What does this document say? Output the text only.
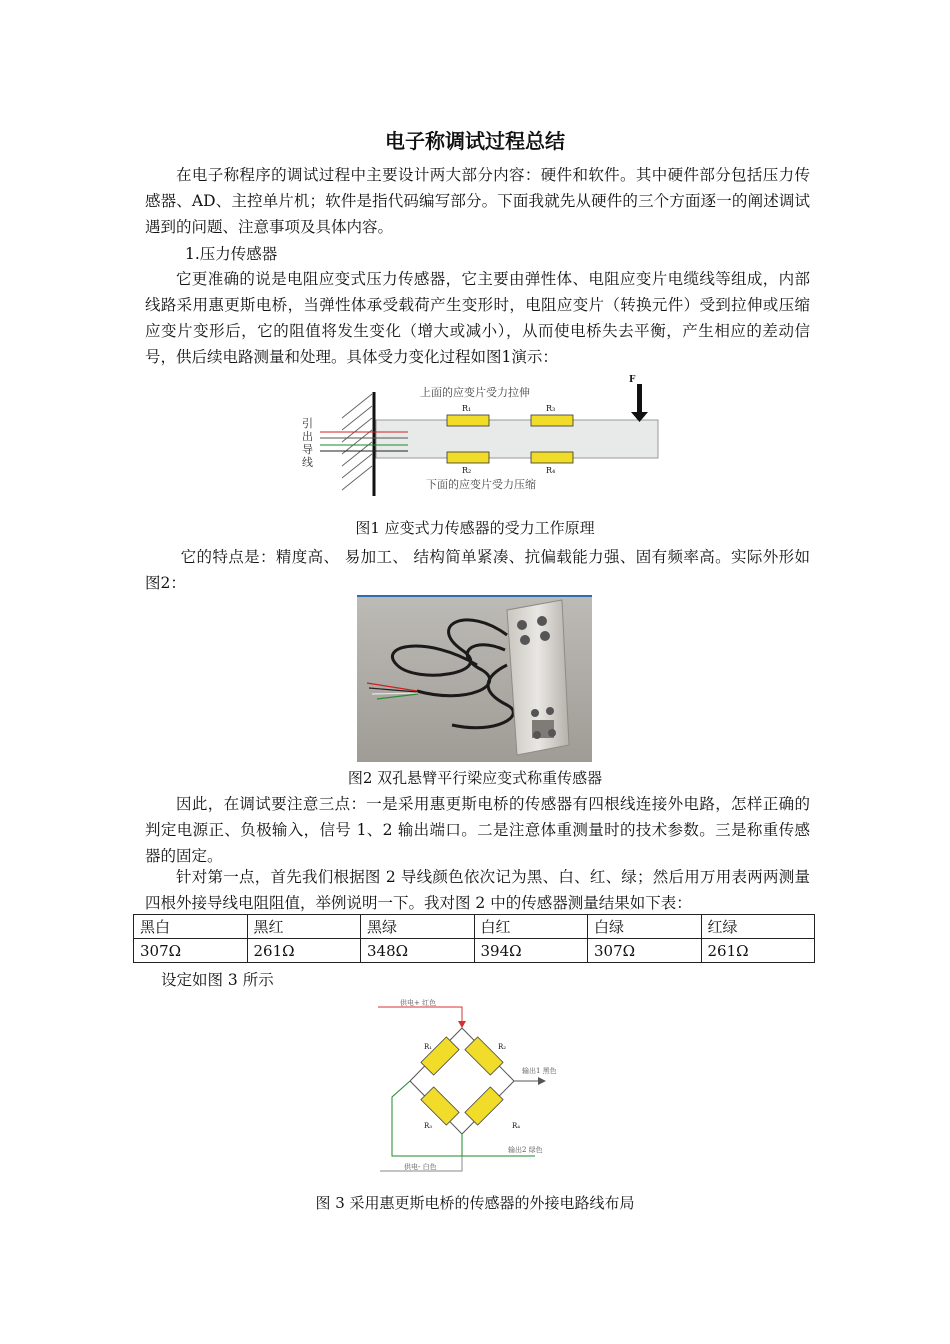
电子称调试过程总结
在电子称程序的调试过程中主要设计两大部分内容：硬件和软件。其中硬件部分包括压力传感器、AD、主控单片机；软件是指代码编写部分。下面我就先从硬件的三个方面逐一的阐述调试遇到的问题、注意事项及具体内容。
1.压力传感器
它更准确的说是电阻应变式压力传感器，它主要由弹性体、电阻应变片电缆线等组成，内部线路采用惠更斯电桥，当弹性体承受载荷产生变形时，电阻应变片（转换元件）受到拉伸或压缩应变片变形后，它的阻值将发生变化（增大或减小），从而使电桥失去平衡，产生相应的差动信号，供后续电路测量和处理。具体受力变化过程如图1演示：
上面的应变片受力拉伸
下面的应变片受力压缩
F
R₁	R₃
R₂	R₄
引
出
导
线
图1 应变式力传感器的受力工作原理
它的特点是：精度高、 易加工、 结构简单紧凑、抗偏载能力强、固有频率高。实际外形如图2：
图2 双孔悬臂平行梁应变式称重传感器
因此，在调试要注意三点：一是采用惠更斯电桥的传感器有四根线连接外电路，怎样正确的判定电源正、负极输入，信号 1、2 输出端口。二是注意体重测量时的技术参数。三是称重传感器的固定。
针对第一点，首先我们根据图 2 导线颜色依次记为黑、白、红、绿；然后用万用表两两测量四根外接导线电阻阻值，举例说明一下。我对图 2 中的传感器测量结果如下表：
黑白	黑红	黑绿	白红	白绿	红绿
307Ω	261Ω	348Ω	394Ω	307Ω	261Ω
设定如图 3 所示
供电+ 红色
输出1 黑色
输出2 绿色
供电- 白色
R₁	R₂
R₃	R₄
图 3 采用惠更斯电桥的传感器的外接电路线布局
